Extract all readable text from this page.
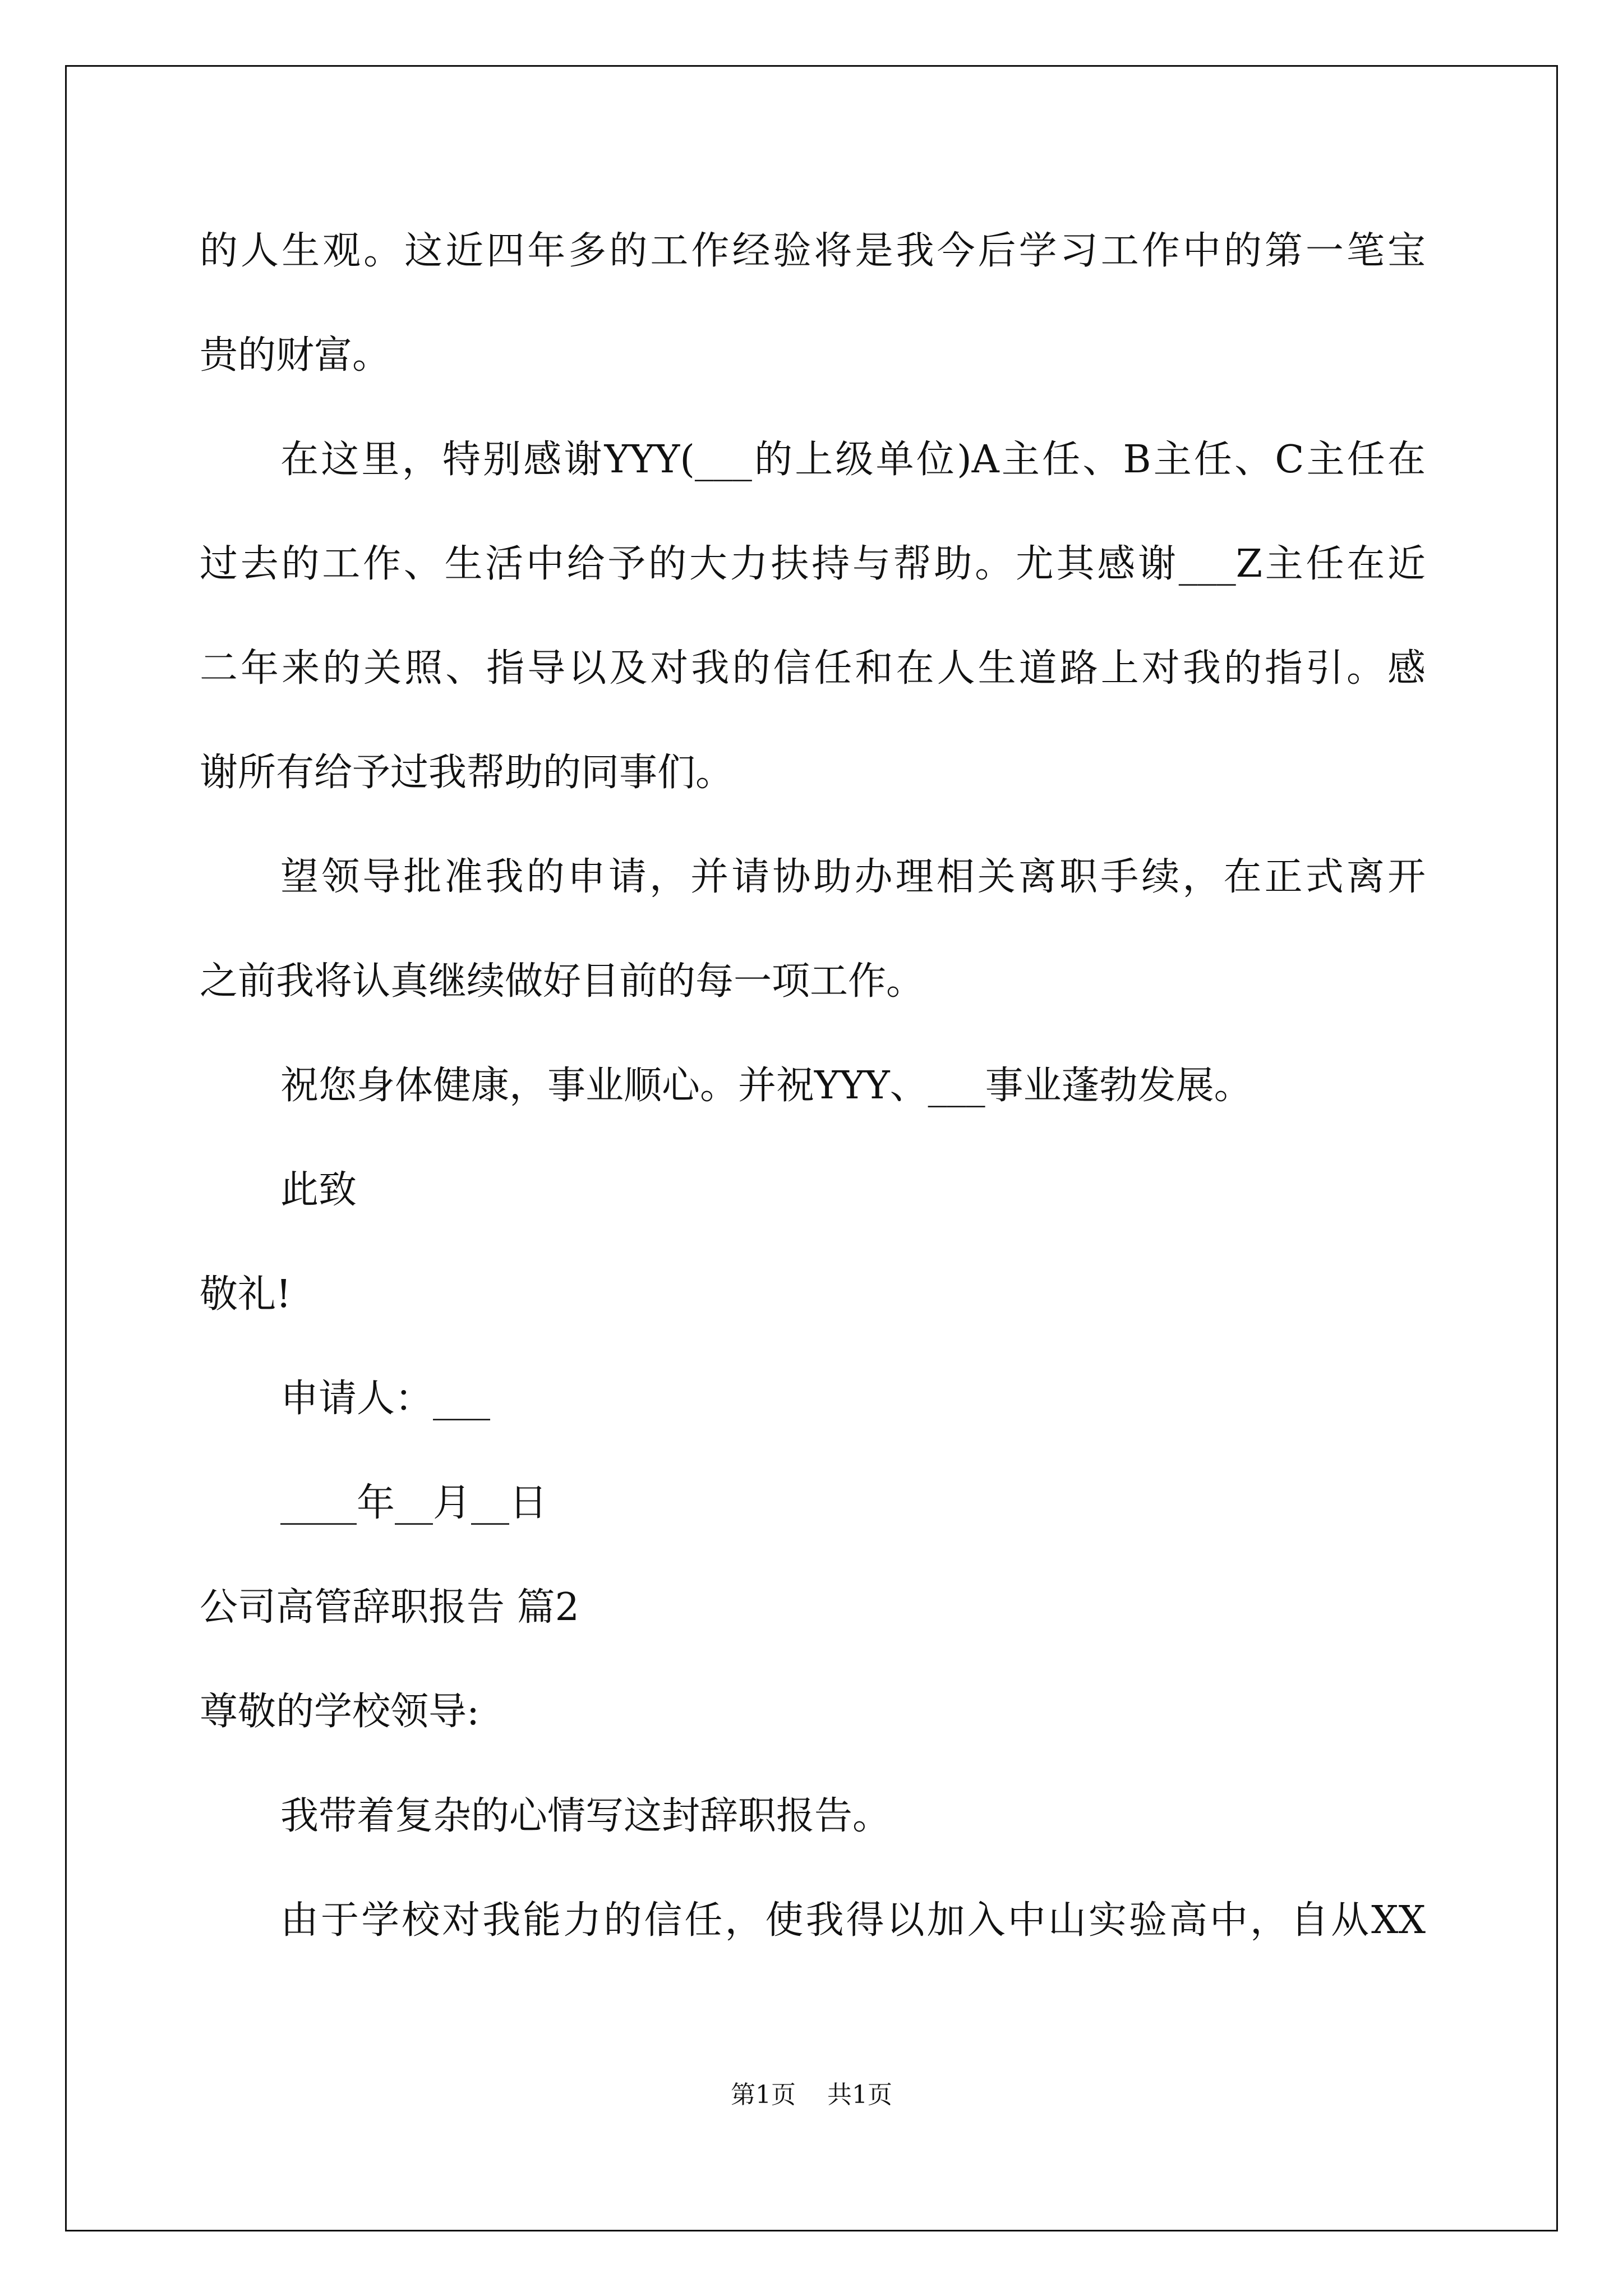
的人生观。这近四年多的工作经验将是我今后学习工作中的第一笔宝

贵的财富。

在这里，特别感谢YYY(___的上级单位)A主任、B主任、C主任在

过去的工作、生活中给予的大力扶持与帮助。尤其感谢___Z主任在近

二年来的关照、指导以及对我的信任和在人生道路上对我的指引。感

谢所有给予过我帮助的同事们。

望领导批准我的申请，并请协助办理相关离职手续，在正式离开

之前我将认真继续做好目前的每一项工作。

祝您身体健康，事业顺心。并祝YYY、___事业蓬勃发展。

此致

敬礼!

申请人：___

____年__月__日

公司高管辞职报告 篇2

尊敬的学校领导:

我带着复杂的心情写这封辞职报告。

由于学校对我能力的信任，使我得以加入中山实验高中，自从XX

第1页 共1页
